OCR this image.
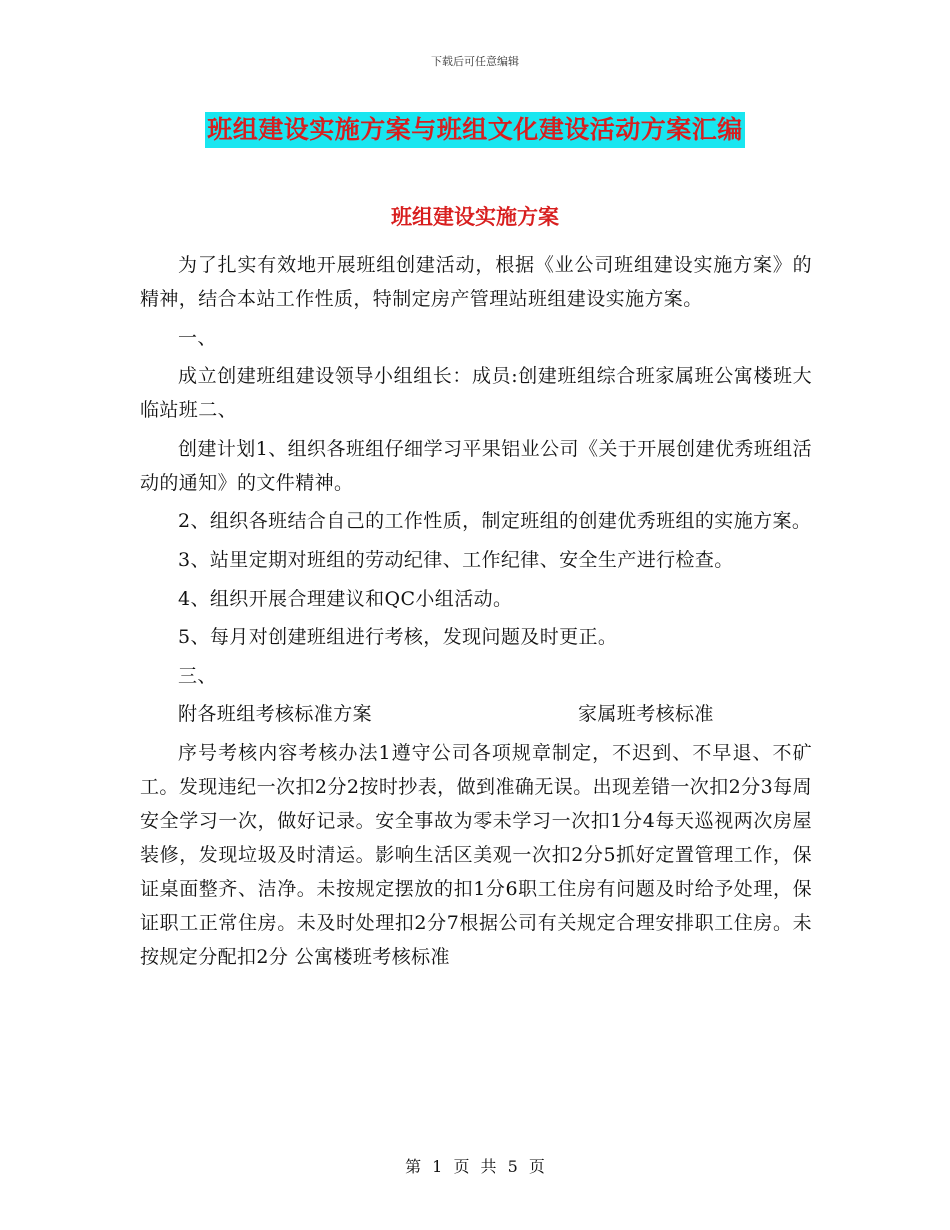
下载后可任意编辑
班组建设实施方案与班组文化建设活动方案汇编
班组建设实施方案

为了扎实有效地开展班组创建活动，根据《业公司班组建设实施方案》的精神，结合本站工作性质，特制定房产管理站班组建设实施方案。

一、

成立创建班组建设领导小组组长：成员:创建班组综合班家属班公寓楼班大临站班二、

创建计划1、组织各班组仔细学习平果铝业公司《关于开展创建优秀班组活动的通知》的文件精神。

2、组织各班结合自己的工作性质，制定班组的创建优秀班组的实施方案。

3、站里定期对班组的劳动纪律、工作纪律、安全生产进行检查。

4、组织开展合理建议和QC小组活动。

5、每月对创建班组进行考核，发现问题及时更正。

三、

附各班组考核标准方案	家属班考核标准

序号考核内容考核办法1遵守公司各项规章制定，不迟到、不早退、不矿工。发现违纪一次扣2分2按时抄表，做到准确无误。出现差错一次扣2分3每周安全学习一次，做好记录。安全事故为零未学习一次扣1分4每天巡视两次房屋装修，发现垃圾及时清运。影响生活区美观一次扣2分5抓好定置管理工作，保证桌面整齐、洁净。未按规定摆放的扣1分6职工住房有问题及时给予处理，保证职工正常住房。未及时处理扣2分7根据公司有关规定合理安排职工住房。未按规定分配扣2分 公寓楼班考核标准

第 1 页 共 5 页
